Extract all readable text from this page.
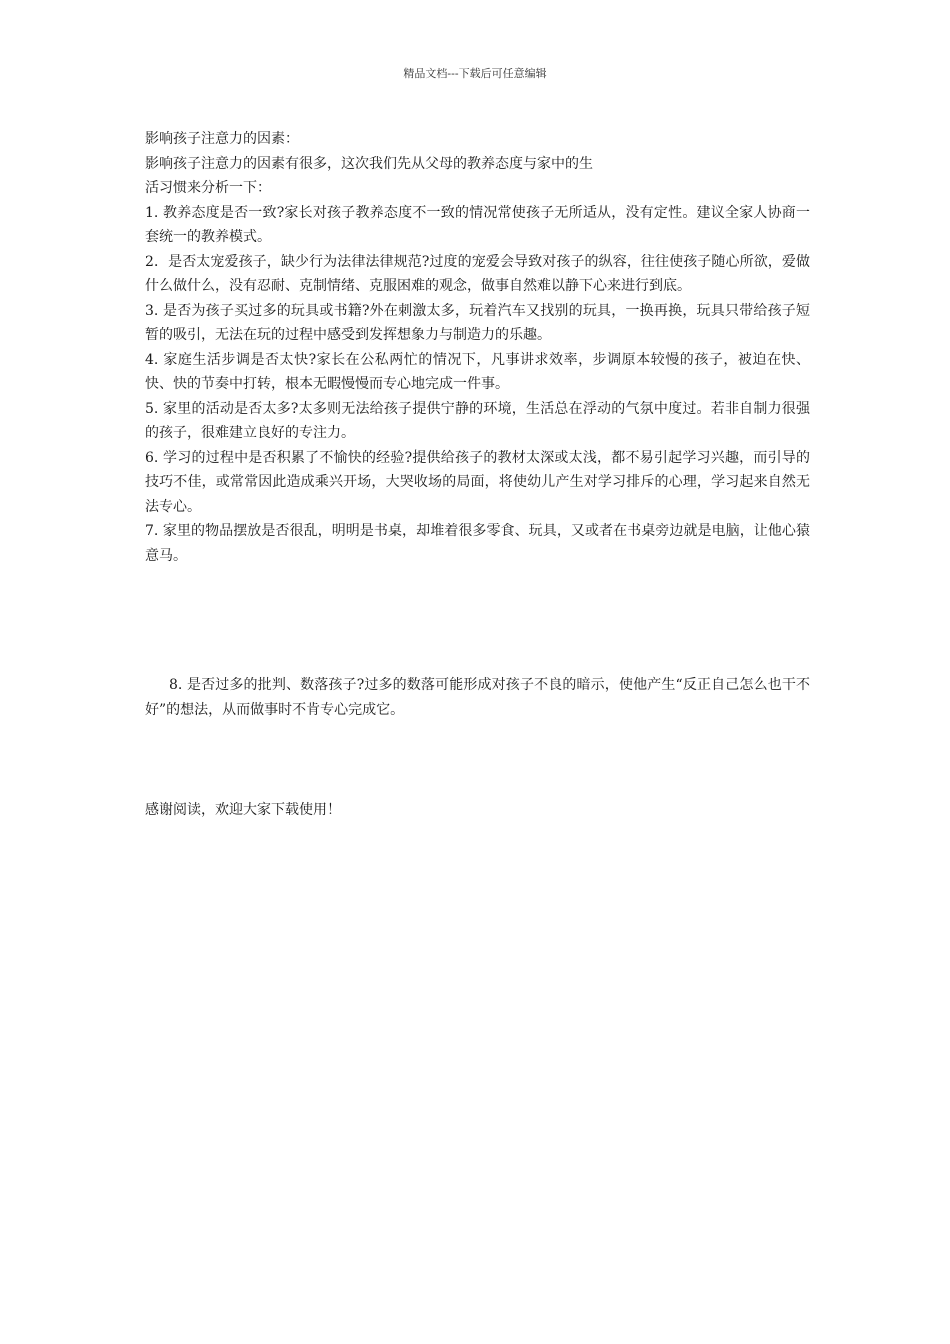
精品文档---下载后可任意编辑

影响孩子注意力的因素：

影响孩子注意力的因素有很多，这次我们先从父母的教养态度与家中的生

活习惯来分析一下：

1. 教养态度是否一致?家长对孩子教养态度不一致的情况常使孩子无所适从，没有定性。建议全家人协商一套统一的教养模式。

2．是否太宠爱孩子，缺少行为法律法律规范?过度的宠爱会导致对孩子的纵容，往往使孩子随心所欲，爱做什么做什么，没有忍耐、克制情绪、克服困难的观念，做事自然难以静下心来进行到底。

3. 是否为孩子买过多的玩具或书籍?外在刺激太多，玩着汽车又找别的玩具，一换再换，玩具只带给孩子短暂的吸引，无法在玩的过程中感受到发挥想象力与制造力的乐趣。

4. 家庭生活步调是否太快?家长在公私两忙的情况下，凡事讲求效率，步调原本较慢的孩子，被迫在快、快、快的节奏中打转，根本无暇慢慢而专心地完成一件事。

5. 家里的活动是否太多?太多则无法给孩子提供宁静的环境，生活总在浮动的气氛中度过。若非自制力很强的孩子，很难建立良好的专注力。

6. 学习的过程中是否积累了不愉快的经验?提供给孩子的教材太深或太浅，都不易引起学习兴趣，而引导的技巧不佳，或常常因此造成乘兴开场，大哭收场的局面，将使幼儿产生对学习排斥的心理，学习起来自然无法专心。

7. 家里的物品摆放是否很乱，明明是书桌，却堆着很多零食、玩具，又或者在书桌旁边就是电脑，让他心猿意马。

8. 是否过多的批判、数落孩子?过多的数落可能形成对孩子不良的暗示，使他产生“反正自己怎么也干不好”的想法，从而做事时不肯专心完成它。

感谢阅读，欢迎大家下载使用！
